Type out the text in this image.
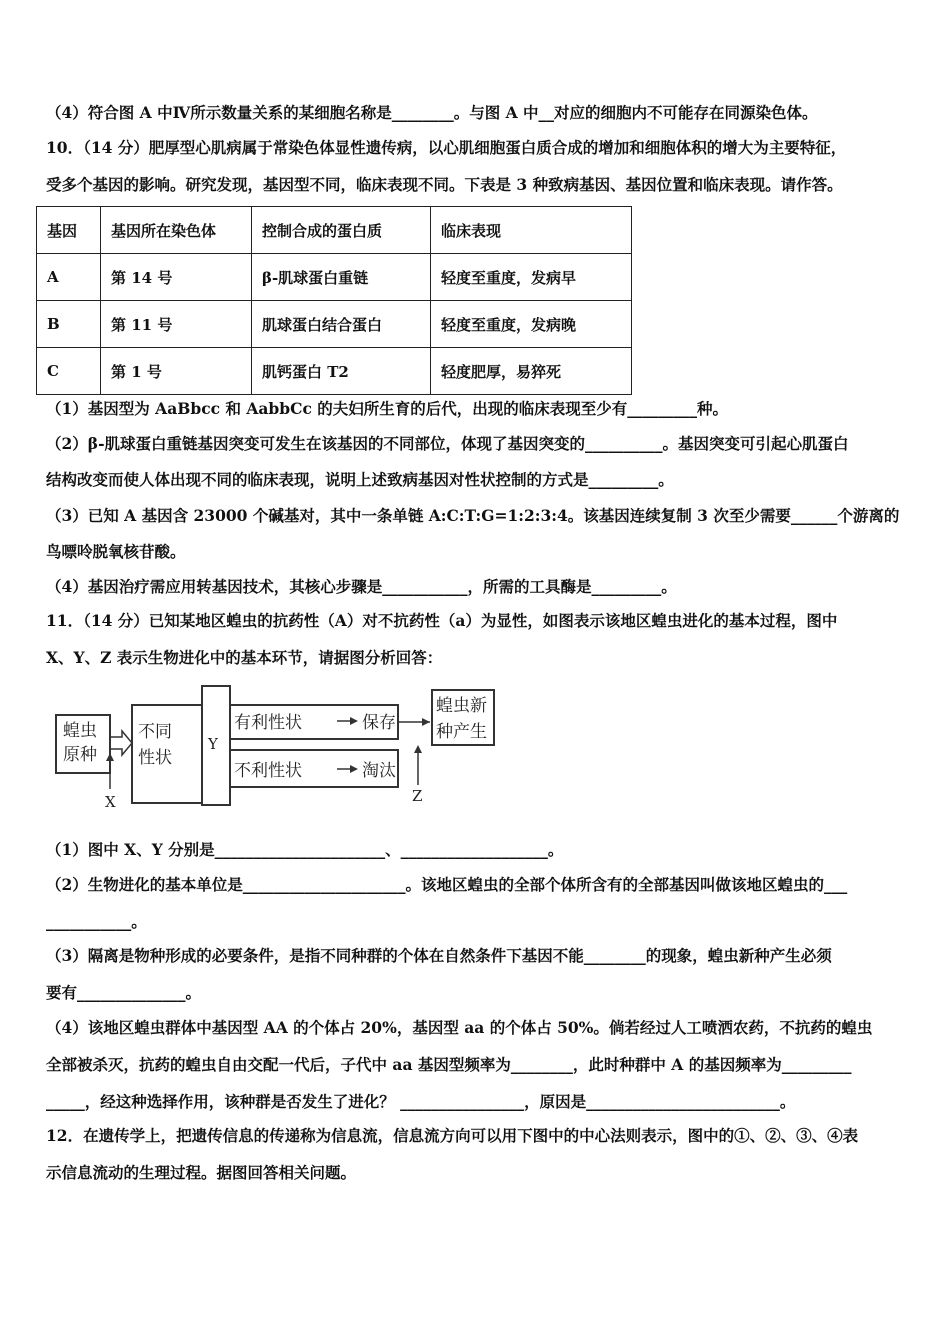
（4）符合图 A 中Ⅳ所示数量关系的某细胞名称是________。与图 A 中__对应的细胞内不可能存在同源染色体。
10．（14 分）肥厚型心肌病属于常染色体显性遗传病，以心肌细胞蛋白质合成的增加和细胞体积的增大为主要特征，
受多个基因的影响。研究发现，基因型不同，临床表现不同。下表是 3 种致病基因、基因位置和临床表现。请作答。
基因	基因所在染色体	控制合成的蛋白质	临床表现
A	第 14 号	β-肌球蛋白重链	轻度至重度，发病早
B	第 11 号	肌球蛋白结合蛋白	轻度至重度，发病晚
C	第 1 号	肌钙蛋白 T2	轻度肥厚，易猝死
（1）基因型为 AaBbcc 和 AabbCc 的夫妇所生育的后代，出现的临床表现至少有_________种。
（2）β-肌球蛋白重链基因突变可发生在该基因的不同部位，体现了基因突变的__________。基因突变可引起心肌蛋白
结构改变而使人体出现不同的临床表现，说明上述致病基因对性状控制的方式是_________。
（3）已知 A 基因含 23000 个碱基对，其中一条单链 A:C:T:G=1:2:3:4。该基因连续复制 3 次至少需要______个游离的
鸟嘌呤脱氧核苷酸。
（4）基因治疗需应用转基因技术，其核心步骤是___________，所需的工具酶是_________。
11．（14 分）已知某地区蝗虫的抗药性（A）对不抗药性（a）为显性，如图表示该地区蝗虫进化的基本过程，图中
X、Y、Z 表示生物进化中的基本环节，请据图分析回答：
蝗虫
原种
不同
性状
Y
有利性状	保存
不利性状	淘汰
蝗虫新
种产生
X	Z
（1）图中 X、Y 分别是______________________、___________________。
（2）生物进化的基本单位是_____________________。该地区蝗虫的全部个体所含有的全部基因叫做该地区蝗虫的___
___________。
（3）隔离是物种形成的必要条件，是指不同种群的个体在自然条件下基因不能________的现象，蝗虫新种产生必须
要有______________。
（4）该地区蝗虫群体中基因型 AA 的个体占 20%，基因型 aa 的个体占 50%。倘若经过人工喷洒农药，不抗药的蝗虫
全部被杀灭，抗药的蝗虫自由交配一代后，子代中 aa 基因型频率为________，此时种群中 A 的基因频率为_________
_____，经这种选择作用，该种群是否发生了进化？ ________________，原因是_________________________。
12．在遗传学上，把遗传信息的传递称为信息流，信息流方向可以用下图中的中心法则表示，图中的①、②、③、④表
示信息流动的生理过程。据图回答相关问题。
